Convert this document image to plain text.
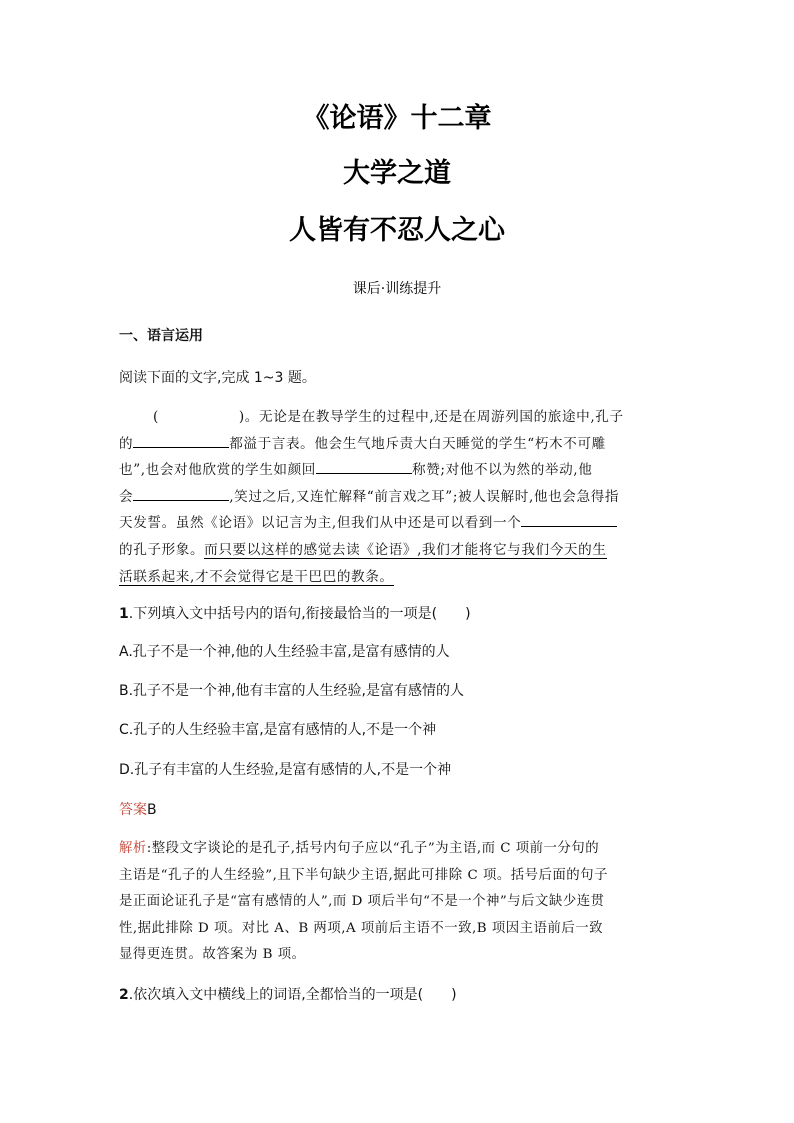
《论语》十二章
大学之道
人皆有不忍人之心
课后·训练提升
一、语言运用
阅读下面的文字,完成 1~3 题。
(	)。无论是在教导学生的过程中,还是在周游列国的旅途中,孔子
的	都溢于言表。他会生气地斥责大白天睡觉的学生“朽木不可雕
也”,也会对他欣赏的学生如颜回	称赞;对他不以为然的举动,他
会	,笑过之后,又连忙解释“前言戏之耳”;被人误解时,他也会急得指
天发誓。虽然《论语》以记言为主,但我们从中还是可以看到一个
的孔子形象。而只要以这样的感觉去读《论语》,我们才能将它与我们今天的生
活联系起来,才不会觉得它是干巴巴的教条。
1.下列填入文中括号内的语句,衔接最恰当的一项是(　　)
A.孔子不是一个神,他的人生经验丰富,是富有感情的人
B.孔子不是一个神,他有丰富的人生经验,是富有感情的人
C.孔子的人生经验丰富,是富有感情的人,不是一个神
D.孔子有丰富的人生经验,是富有感情的人,不是一个神
答案B
解析:整段文字谈论的是孔子,括号内句子应以“孔子”为主语,而 C 项前一分句的
主语是“孔子的人生经验”,且下半句缺少主语,据此可排除 C 项。括号后面的句子
是正面论证孔子是“富有感情的人”,而 D 项后半句“不是一个神”与后文缺少连贯
性,据此排除 D 项。对比 A、B 两项,A 项前后主语不一致,B 项因主语前后一致
显得更连贯。故答案为 B 项。
2.依次填入文中横线上的词语,全都恰当的一项是(　　)
